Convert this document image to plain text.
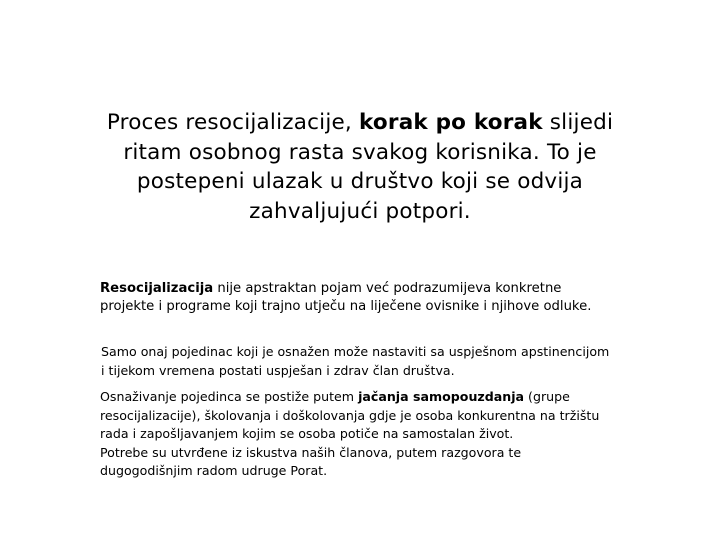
Proces resocijalizacije, korak po korak slijedi ritam osobnog rasta svakog korisnika. To je postepeni ulazak u društvo koji se odvija zahvaljujući potpori.

Resocijalizacija nije apstraktan pojam već podrazumijeva konkretne projekte i programe koji trajno utječu na liječene ovisnike i njihove odluke.

Samo onaj pojedinac koji je osnažen može nastaviti sa uspješnom apstinencijom i tijekom vremena postati uspješan i zdrav član društva.

Osnaživanje pojedinca se postiže putem jačanja samopouzdanja (grupe resocijalizacije), školovanja i doškolovanja gdje je osoba konkurentna na tržištu rada i zapošljavanjem kojim se osoba potiče na samostalan život.

Potrebe su utvrđene iz iskustva naših članova, putem razgovora te dugogodišnjim radom udruge Porat.
